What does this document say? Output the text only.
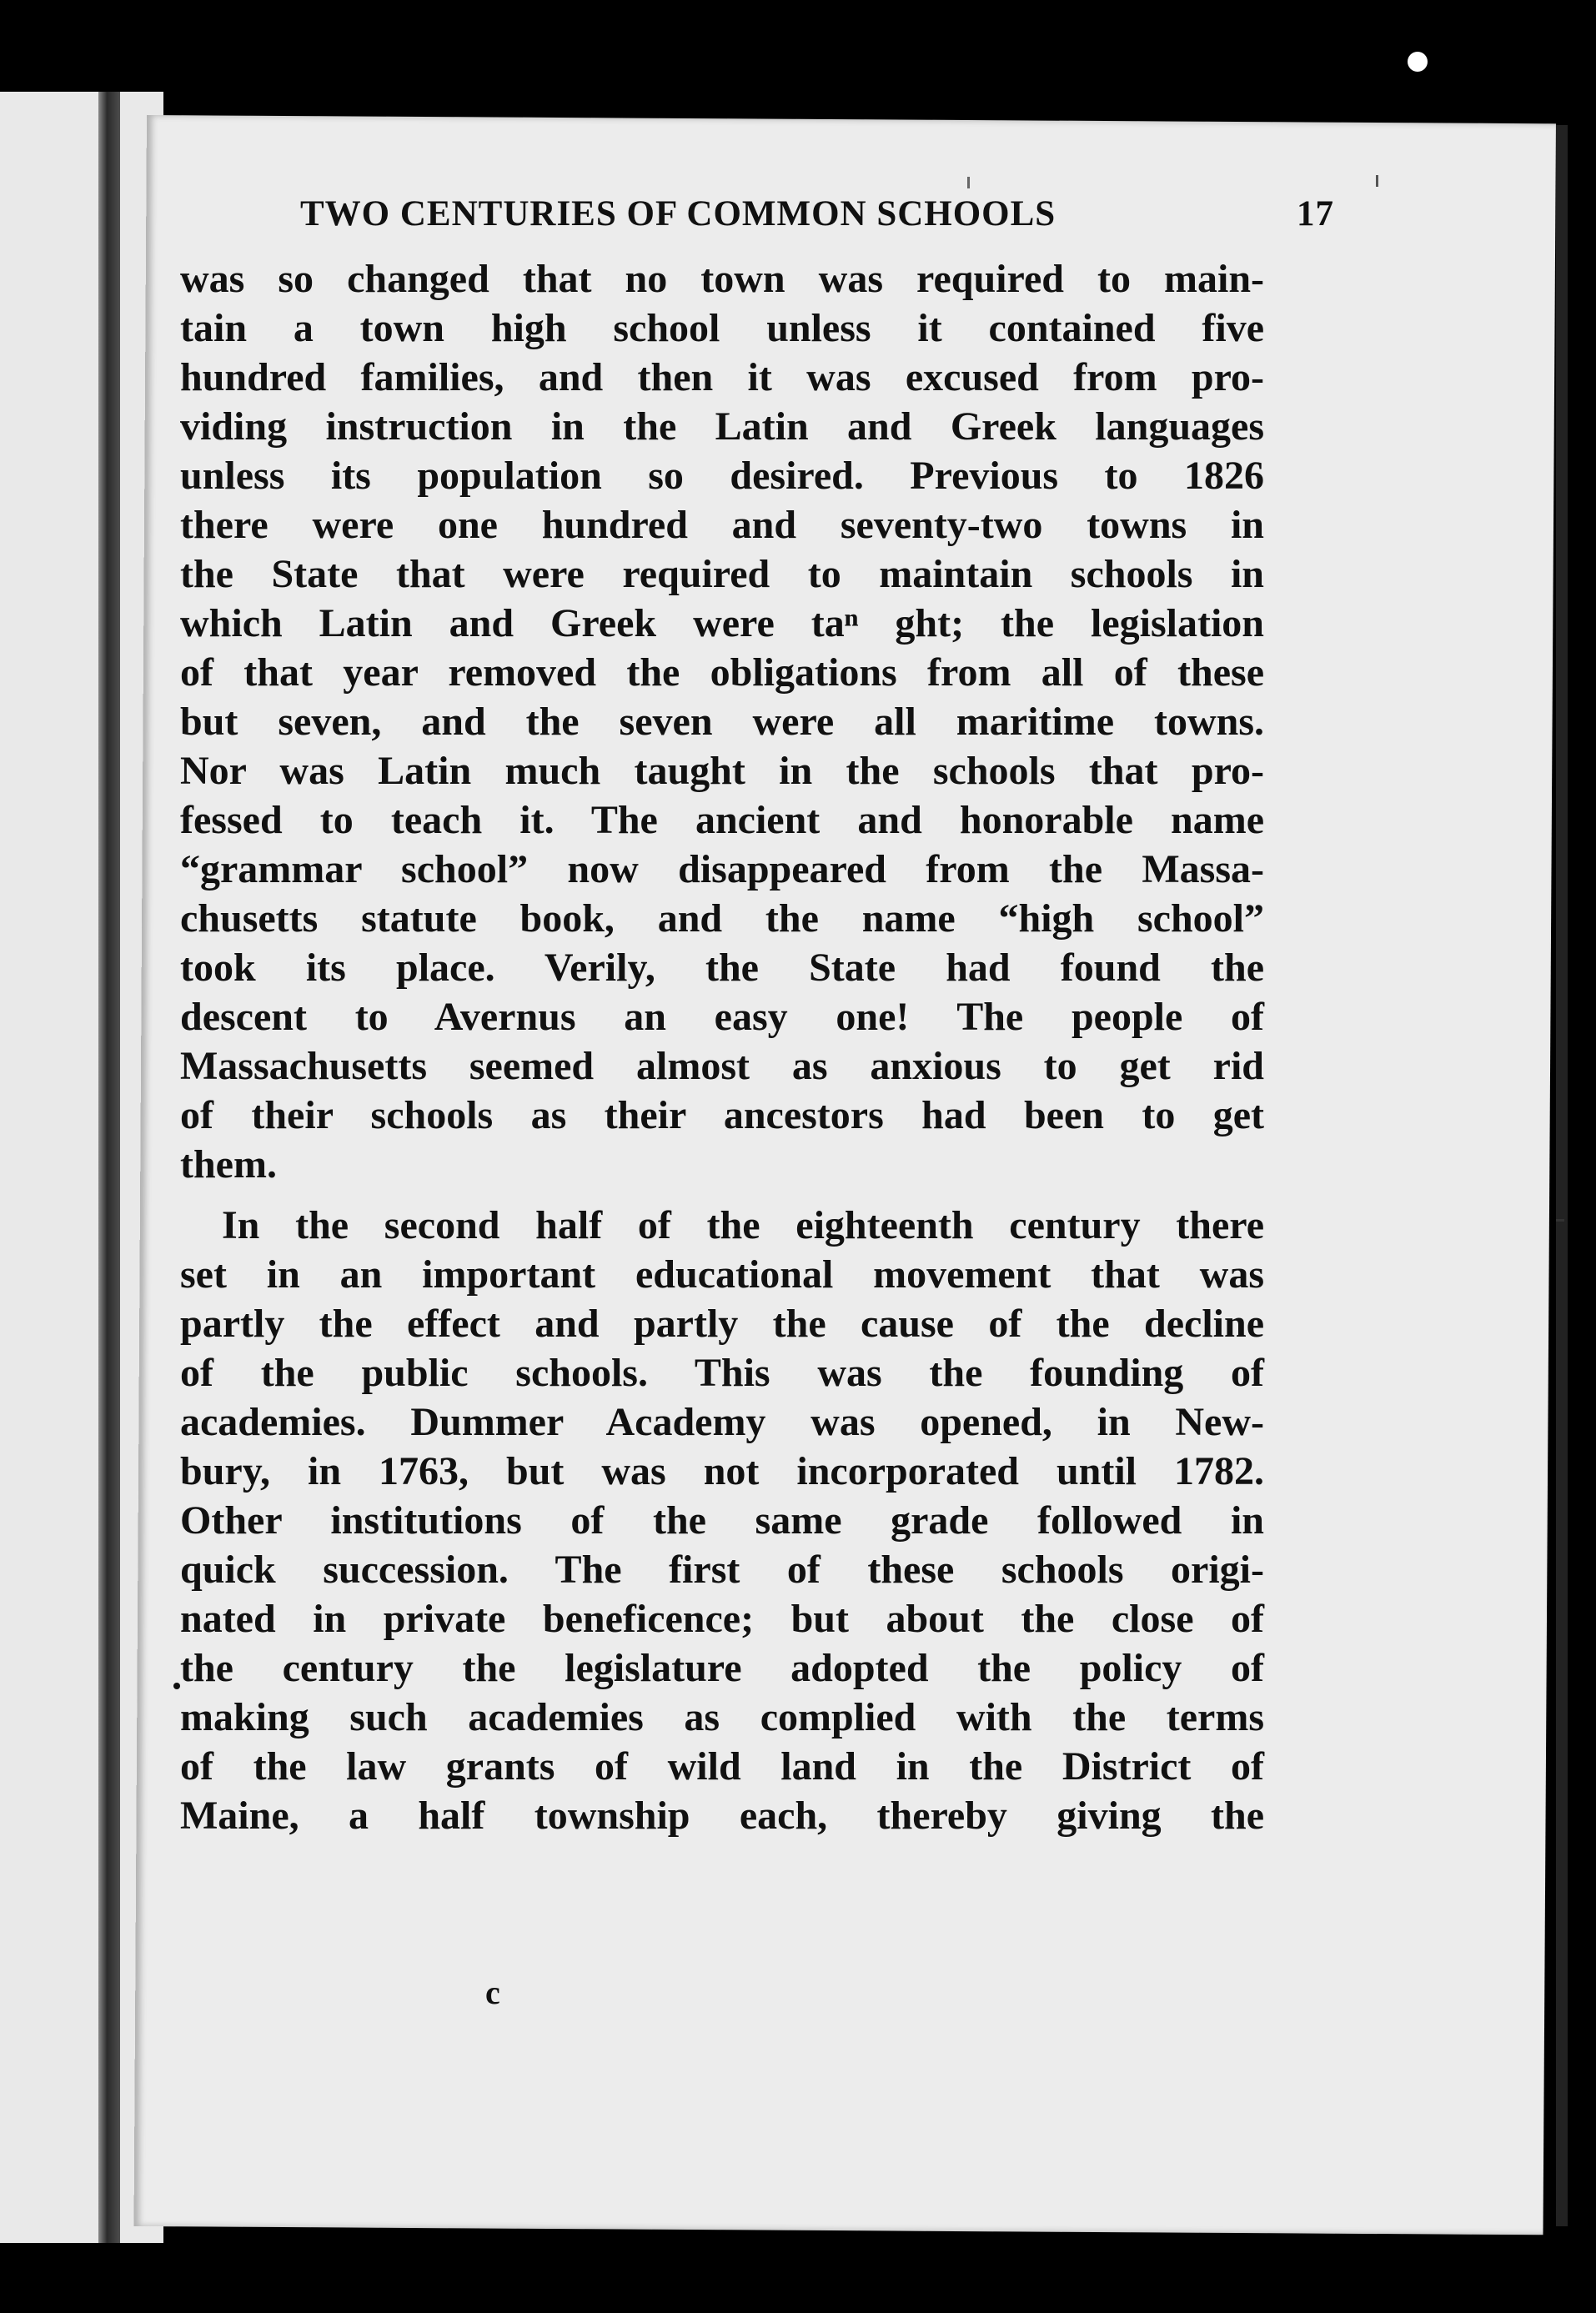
TWO CENTURIES OF COMMON SCHOOLS	17
was so changed that no town was required to main-
tain a town high school unless it contained five
hundred families, and then it was excused from pro-
viding instruction in the Latin and Greek languages
unless its population so desired. Previous to 1826
there were one hundred and seventy-two towns in
the State that were required to maintain schools in
which Latin and Greek were taⁿ ght; the legislation
of that year removed the obligations from all of these
but seven, and the seven were all maritime towns.
Nor was Latin much taught in the schools that pro-
fessed to teach it. The ancient and honorable name
“grammar school” now disappeared from the Massa-
chusetts statute book, and the name “high school”
took its place. Verily, the State had found the
descent to Avernus an easy one! The people of
Massachusetts seemed almost as anxious to get rid
of their schools as their ancestors had been to get
them.
In the second half of the eighteenth century there
set in an important educational movement that was
partly the effect and partly the cause of the decline
of the public schools. This was the founding of
academies. Dummer Academy was opened, in New-
bury, in 1763, but was not incorporated until 1782.
Other institutions of the same grade followed in
quick succession. The first of these schools origi-
nated in private beneficence; but about the close of
the century the legislature adopted the policy of
making such academies as complied with the terms
of the law grants of wild land in the District of
Maine, a half township each, thereby giving the
c
